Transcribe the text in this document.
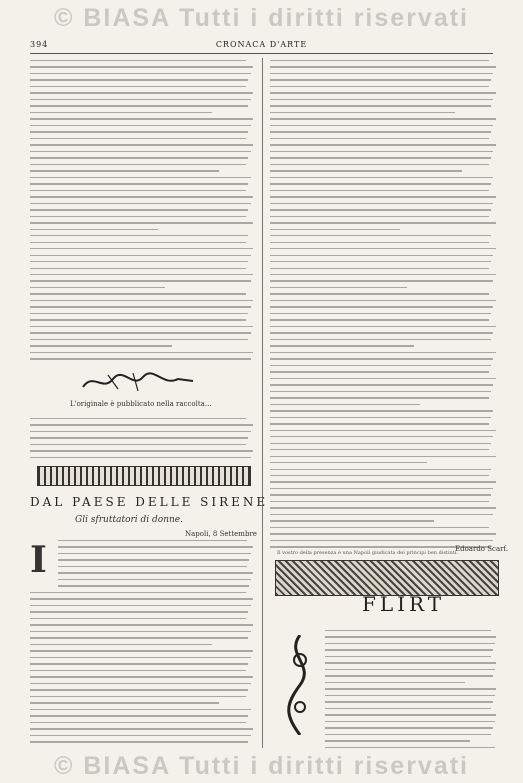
© BIASA Tutti i diritti riservati
394	CRONACA D'ARTE
L'originale è pubblicato nella raccolta...
DAL PAESE DELLE SIRENE
Gli sfruttatori di donne.
Napoli, 8 Settembre
I	Edoardo Scarf.
Il vostro della presenza è una Napoli giudicata dei principi ben distinti.
FLIRT
© BIASA Tutti i diritti riservati
